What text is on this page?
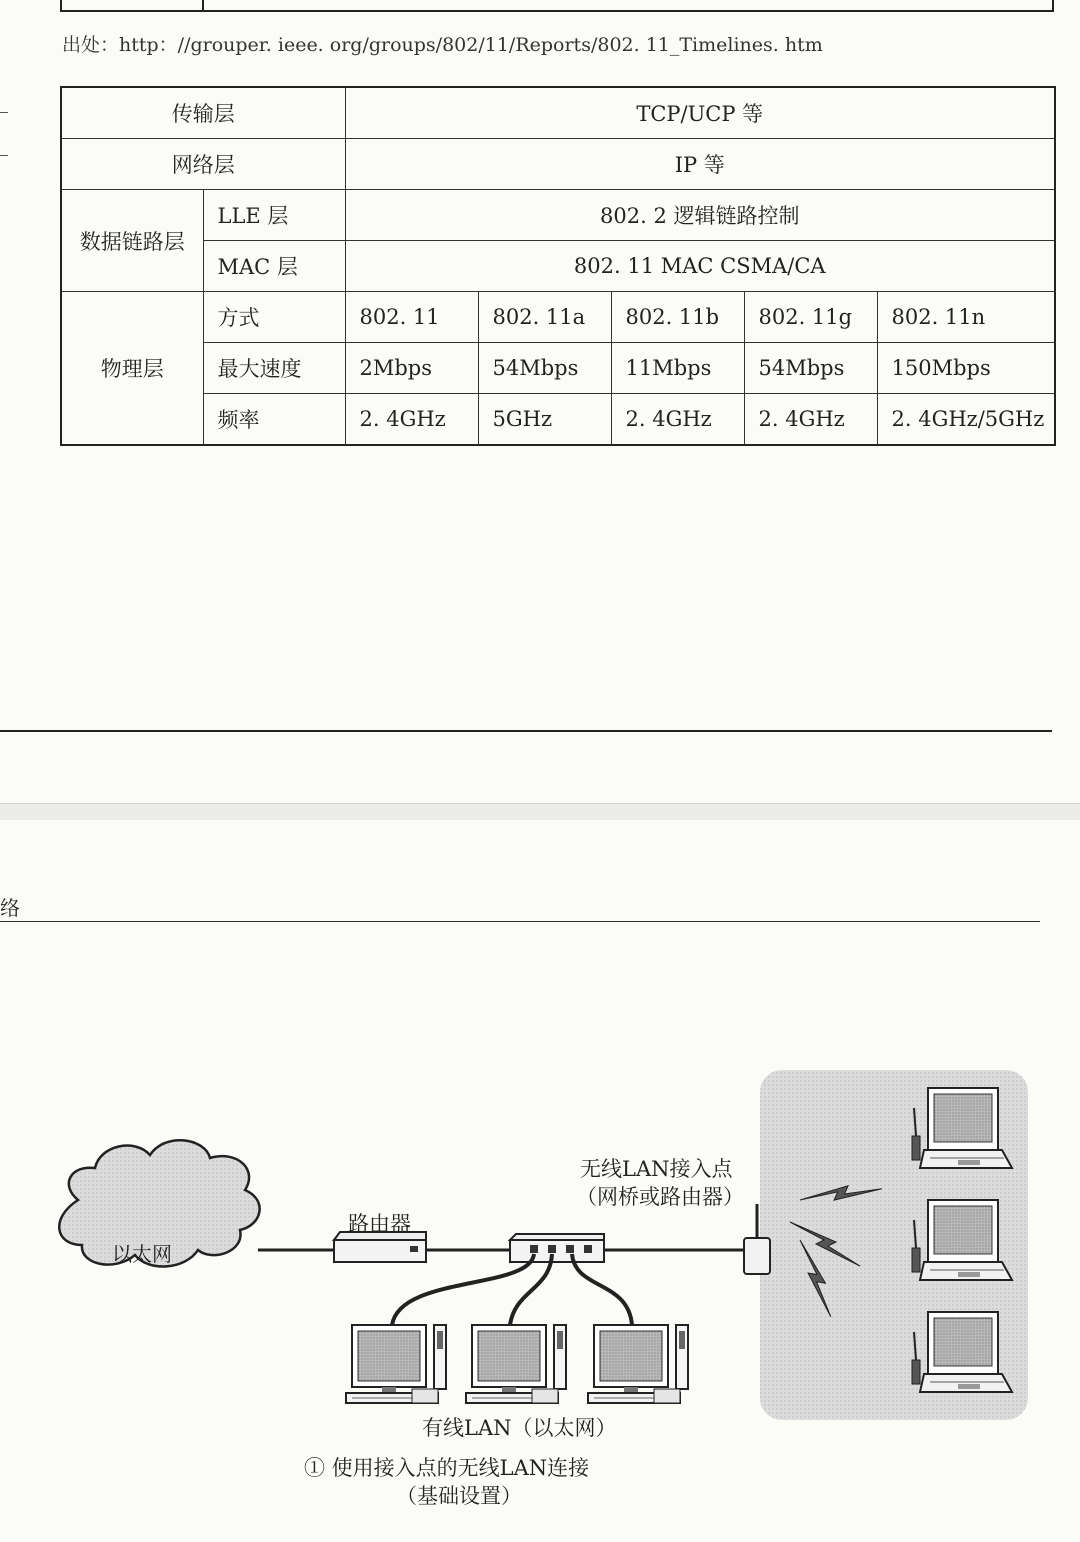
出处：http：//grouper. ieee. org/groups/802/11/Reports/802. 11_Timelines. htm
传输层		TCP/UCP 等				
网络层		IP 等				
数据链路层	LLE 层	802. 2 逻辑链路控制				
	MAC 层	802. 11 MAC CSMA/CA				
物理层	方式	802. 11	802. 11a	802. 11b	802. 11g	802. 11n
	最大速度	2Mbps	54Mbps	11Mbps	54Mbps	150Mbps
	频率	2. 4GHz	5GHz	2. 4GHz	2. 4GHz	2. 4GHz/5GHz
络
以太网
路由器
无线LAN接入点
（网桥或路由器）
有线LAN（以太网）
① 使用接入点的无线LAN连接
（基础设置）
